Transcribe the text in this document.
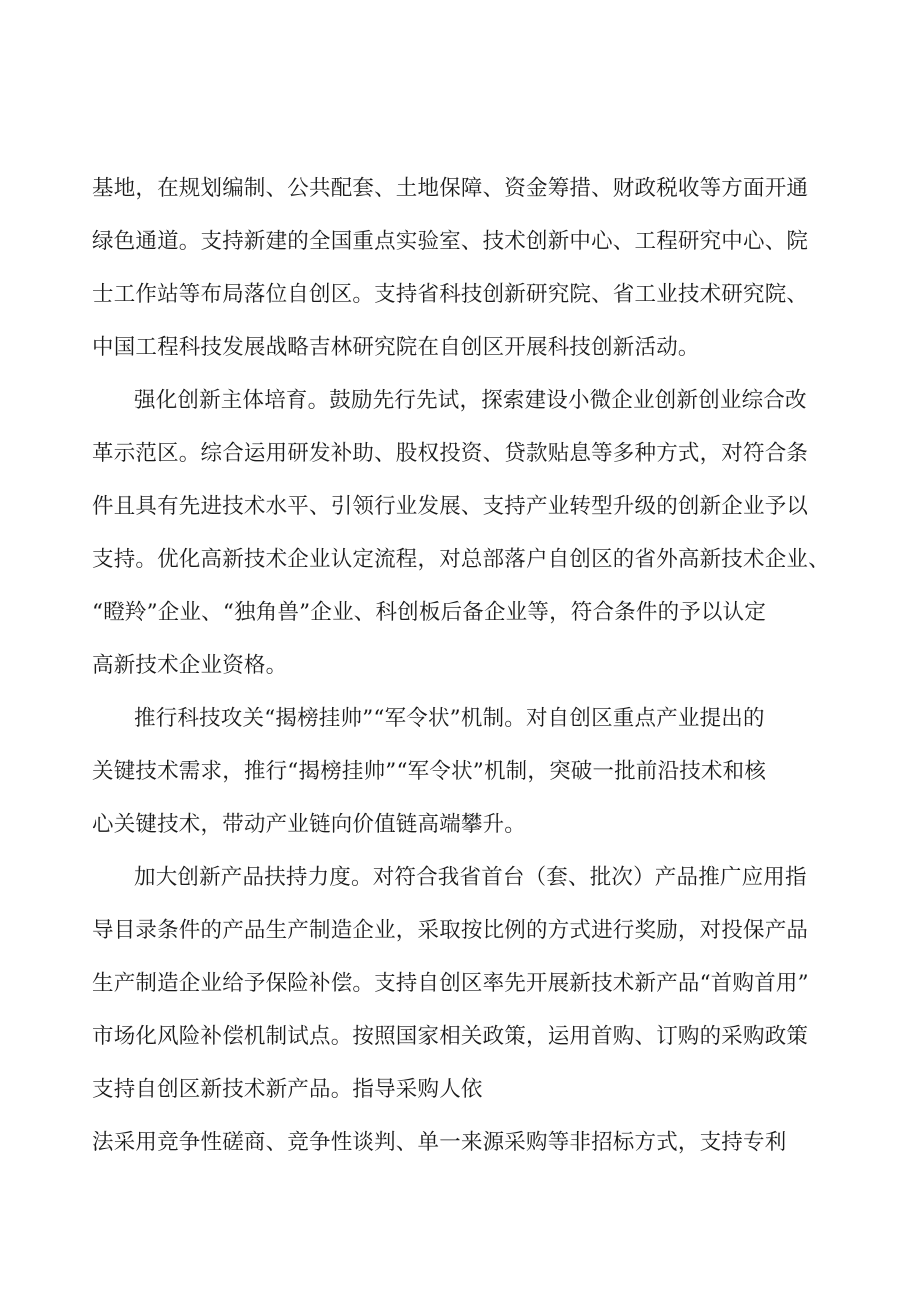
基地，在规划编制、公共配套、土地保障、资金筹措、财政税收等方面开通
绿色通道。支持新建的全国重点实验室、技术创新中心、工程研究中心、院
士工作站等布局落位自创区。支持省科技创新研究院、省工业技术研究院、
中国工程科技发展战略吉林研究院在自创区开展科技创新活动。
强化创新主体培育。鼓励先行先试，探索建设小微企业创新创业综合改
革示范区。综合运用研发补助、股权投资、贷款贴息等多种方式，对符合条
件且具有先进技术水平、引领行业发展、支持产业转型升级的创新企业予以
支持。优化高新技术企业认定流程，对总部落户自创区的省外高新技术企业、
“瞪羚”企业、“独角兽”企业、科创板后备企业等，符合条件的予以认定
高新技术企业资格。
推行科技攻关“揭榜挂帅”“军令状”机制。对自创区重点产业提出的
关键技术需求，推行“揭榜挂帅”“军令状”机制，突破一批前沿技术和核
心关键技术，带动产业链向价值链高端攀升。
加大创新产品扶持力度。对符合我省首台（套、批次）产品推广应用指
导目录条件的产品生产制造企业，采取按比例的方式进行奖励，对投保产品
生产制造企业给予保险补偿。支持自创区率先开展新技术新产品“首购首用”
市场化风险补偿机制试点。按照国家相关政策，运用首购、订购的采购政策
支持自创区新技术新产品。指导采购人依
法采用竞争性磋商、竞争性谈判、单一来源采购等非招标方式，支持专利
